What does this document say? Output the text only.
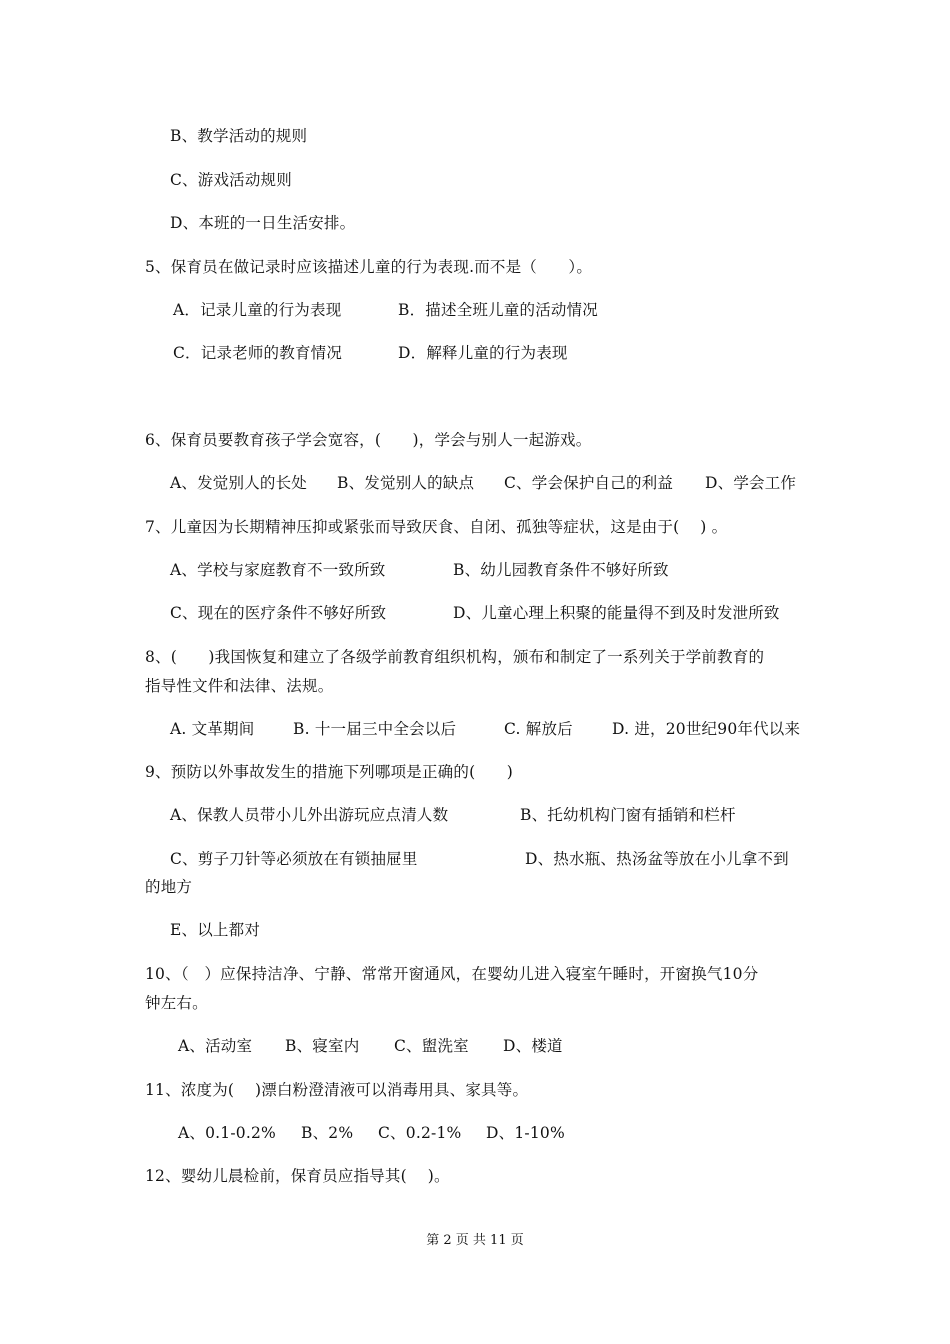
B、教学活动的规则
C、游戏活动规则
D、本班的一日生活安排。
5、保育员在做记录时应该描述儿童的行为表现.而不是（　　）。
A．记录儿童的行为表现	B．描述全班儿童的活动情况
C．记录老师的教育情况	D．解释儿童的行为表现
6、保育员要教育孩子学会宽容，(　　)，学会与别人一起游戏。
A、发觉别人的长处 B、发觉别人的缺点 C、学会保护自己的利益 D、学会工作
7、儿童因为长期精神压抑或紧张而导致厌食、自闭、孤独等症状，这是由于(　 ) 。
A、学校与家庭教育不一致所致	B、幼儿园教育条件不够好所致
C、现在的医疗条件不够好所致	D、儿童心理上积聚的能量得不到及时发泄所致
8、(　　)我国恢复和建立了各级学前教育组织机构，颁布和制定了一系列关于学前教育的
指导性文件和法律、法规。
A. 文革期间 B. 十一届三中全会以后	C. 解放后	D. 进，20世纪90年代以来
9、预防以外事故发生的措施下列哪项是正确的(　　)
A、保教人员带小儿外出游玩应点清人数	B、托幼机构门窗有插销和栏杆
C、剪子刀针等必须放在有锁抽屉里	D、热水瓶、热汤盆等放在小儿拿不到
的地方
E、以上都对
10、（　）应保持洁净、宁静、常常开窗通风，在婴幼儿进入寝室午睡时，开窗换气10分
钟左右。
A、活动室 B、寝室内 C、盥洗室 D、楼道
11、浓度为(　 )漂白粉澄清液可以消毒用具、家具等。
A、0.1-0.2% B、2% C、0.2-1% D、1-10%
12、婴幼儿晨检前，保育员应指导其(　 )。
第 2 页 共 11 页
